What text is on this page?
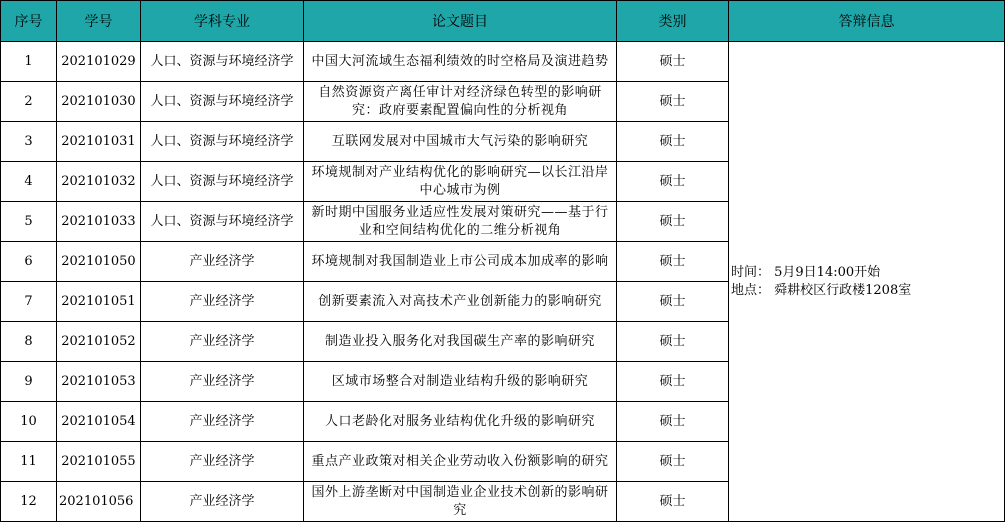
序号	学号	学科专业	论文题目	类别	答辩信息
1	202101029	人口、资源与环境经济学	中国大河流域生态福利绩效的时空格局及演进趋势	硕士	时间： 5月9日14:00开始
地点： 舜耕校区行政楼1208室

2	202101030	人口、资源与环境经济学	自然资源资产离任审计对经济绿色转型的影响研究：政府要素配置偏向性的分析视角	硕士	
3	202101031	人口、资源与环境经济学	互联网发展对中国城市大气污染的影响研究	硕士	
4	202101032	人口、资源与环境经济学	环境规制对产业结构优化的影响研究—以长江沿岸中心城市为例	硕士	
5	202101033	人口、资源与环境经济学	新时期中国服务业适应性发展对策研究——基于行业和空间结构优化的二维分析视角	硕士	
6	202101050	产业经济学	环境规制对我国制造业上市公司成本加成率的影响	硕士	
7	202101051	产业经济学	创新要素流入对高技术产业创新能力的影响研究	硕士	
8	202101052	产业经济学	制造业投入服务化对我国碳生产率的影响研究	硕士	
9	202101053	产业经济学	区域市场整合对制造业结构升级的影响研究	硕士	
10	202101054	产业经济学	人口老龄化对服务业结构优化升级的影响研究	硕士	
11	202101055	产业经济学	重点产业政策对相关企业劳动收入份额影响的研究	硕士	
12	202101056	产业经济学	国外上游垄断对中国制造业企业技术创新的影响研究	硕士	
